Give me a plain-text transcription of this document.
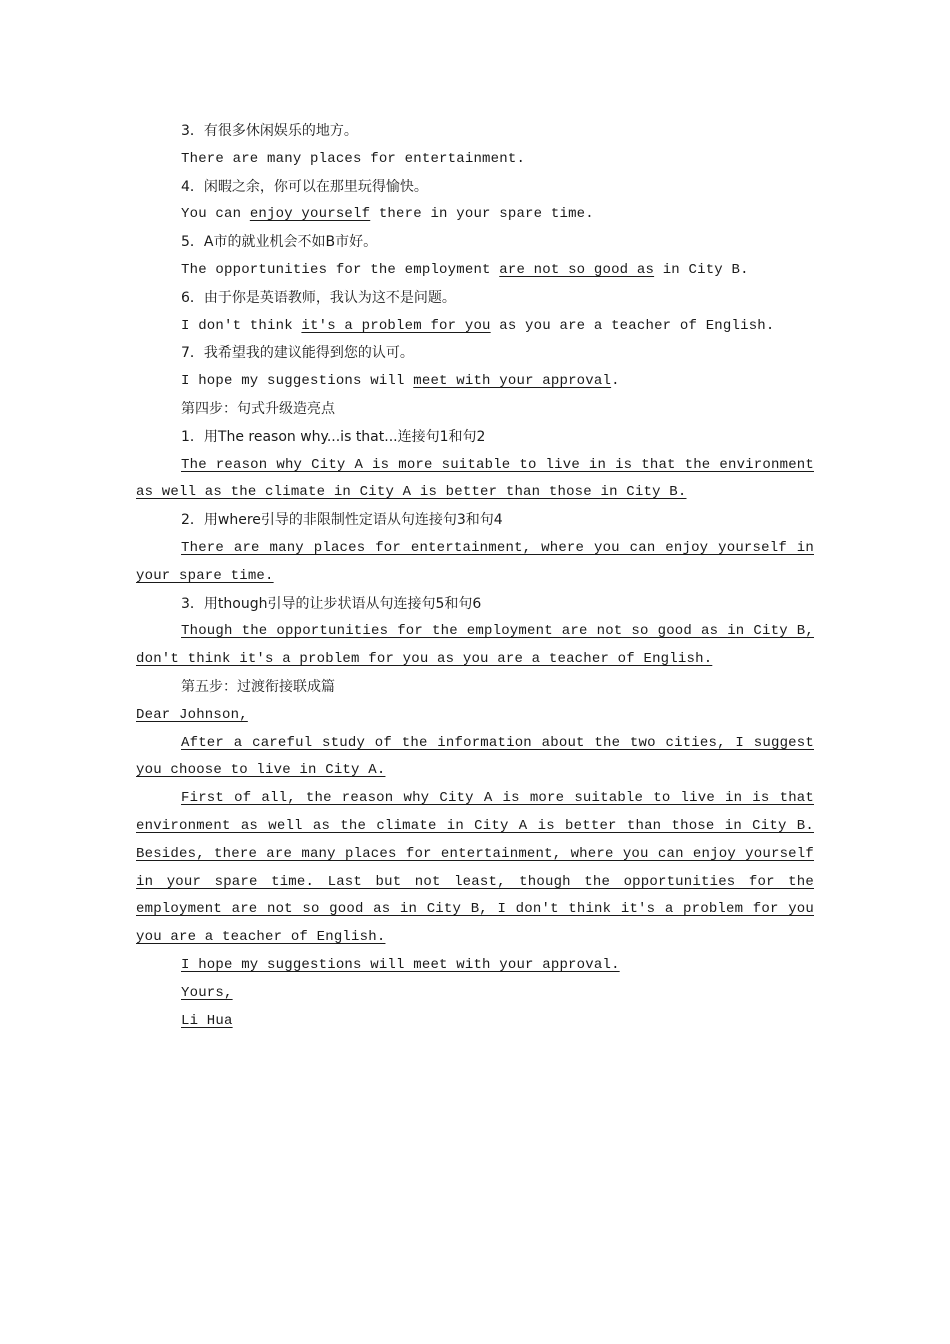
3．有很多休闲娱乐的地方。
There are many places for entertainment.
4．闲暇之余，你可以在那里玩得愉快。
You can enjoy yourself there in your spare time.
5．A市的就业机会不如B市好。
The opportunities for the employment are not so good as in City B.
6．由于你是英语教师，我认为这不是问题。
I don't think it's a problem for you as you are a teacher of English.
7．我希望我的建议能得到您的认可。
I hope my suggestions will meet with your approval.
第四步：句式升级造亮点
1．用The reason why...is that...连接句1和句2
The reason why City A is more suitable to live in is that the environment
as well as the climate in City A is better than those in City B.
2．用where引导的非限制性定语从句连接句3和句4
There are many places for entertainment, where you can enjoy yourself in
your spare time.
3．用though引导的让步状语从句连接句5和句6
Though the opportunities for the employment are not so good as in City B,
don't think it's a problem for you as you are a teacher of English.
第五步：过渡衔接联成篇
Dear Johnson,
After a careful study of the information about the two cities, I suggest
you choose to live in City A.
First of all, the reason why City A is more suitable to live in is that
environment as well as the climate in City A is better than those in City B.
Besides, there are many places for entertainment, where you can enjoy yourself
in your spare time. Last but not least, though the opportunities for the
employment are not so good as in City B, I don't think it's a problem for you
you are a teacher of English.
I hope my suggestions will meet with your approval.
Yours,
Li Hua
